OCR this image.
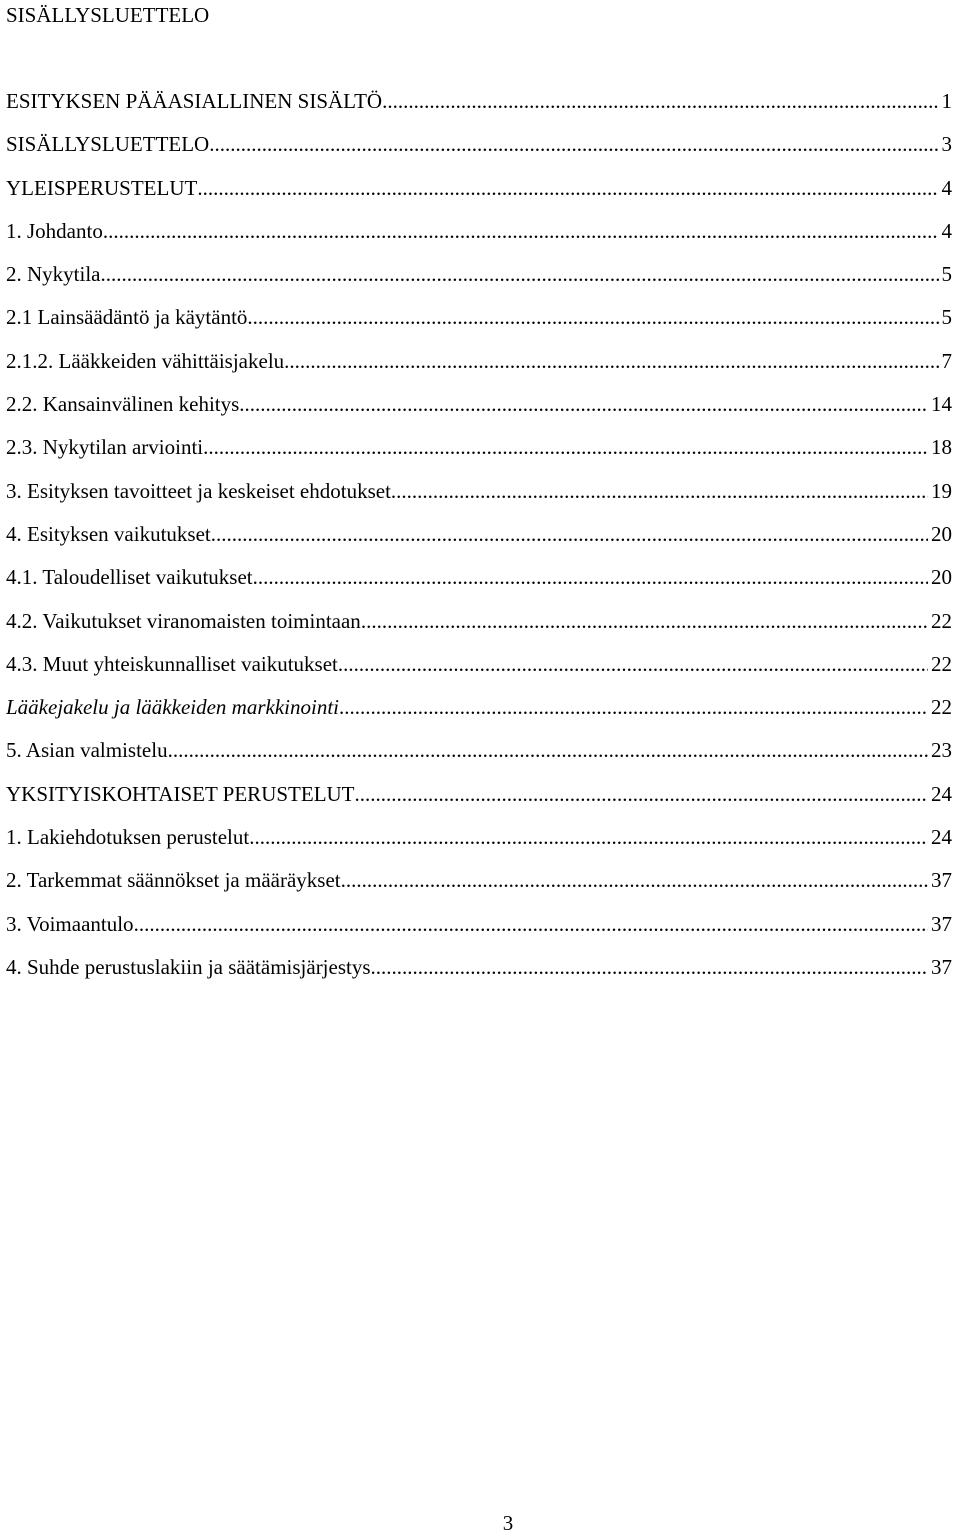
SISÄLLYSLUETTELO
ESITYKSEN PÄÄASIALLINEN SISÄLTÖ .....	1
SISÄLLYSLUETTELO .....	3
YLEISPERUSTELUT .....	4
1. Johdanto .....	4
2. Nykytila .....	5
2.1 Lainsäädäntö ja käytäntö .....	5
2.1.2. Lääkkeiden vähittäisjakelu .....	7
2.2. Kansainvälinen kehitys .....	14
2.3. Nykytilan arviointi .....	18
3. Esityksen tavoitteet ja keskeiset ehdotukset .....	19
4. Esityksen vaikutukset .....	20
4.1. Taloudelliset vaikutukset .....	20
4.2. Vaikutukset viranomaisten toimintaan .....	22
4.3. Muut yhteiskunnalliset vaikutukset .....	22
Lääkejakelu ja lääkkeiden markkinointi .....	22
5. Asian valmistelu .....	23
YKSITYISKOHTAISET PERUSTELUT .....	24
1. Lakiehdotuksen perustelut .....	24
2. Tarkemmat säännökset ja määräykset .....	37
3. Voimaantulo .....	37
4. Suhde perustuslakiin ja säätämisjärjestys .....	37
3
